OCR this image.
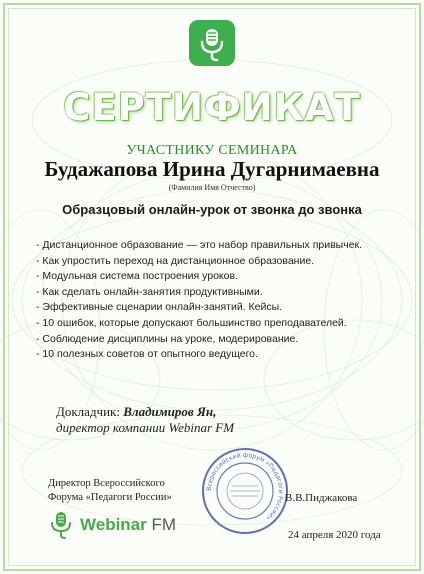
СЕРТИФИКАТ
УЧАСТНИКУ СЕМИНАРА
Будажапова Ирина Дугарнимаевна
(Фамилия Имя Отчество)
Образцовый онлайн-урок от звонка до звонка
- Дистанционное образование — это набор правильных привычек.
- Как упростить переход на дистанционное образование.
- Модульная система построения уроков.
- Как сделать онлайн-занятия продуктивными.
- Эффективные сценарии онлайн-занятий. Кейсы.
- 10 ошибок, которые допускают большинство преподавателей.
- Соблюдение дисциплины на уроке, модерирование.
- 10 полезных советов от опытного ведущего.
Докладчик: Владимиров Ян,
директор компании Webinar FM
Директор Всероссийского
Форума «Педагоги России»
Всероссийский форум «Педагоги России»
В.В.Пиджакова
Webinar FM
24 апреля 2020 года
